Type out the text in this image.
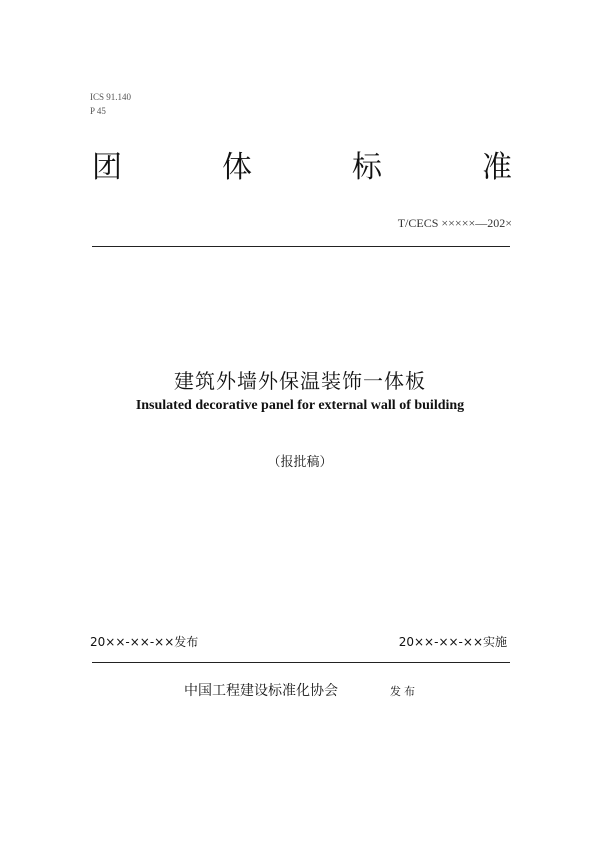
ICS 91.140
P 45
团	体	标	准
T/CECS ×××××—202×
建筑外墙外保温装饰一体板
Insulated decorative panel for external wall of building
（报批稿）
20××-××-××发布	20××-××-××实施
中国工程建设标准化协会	发布
